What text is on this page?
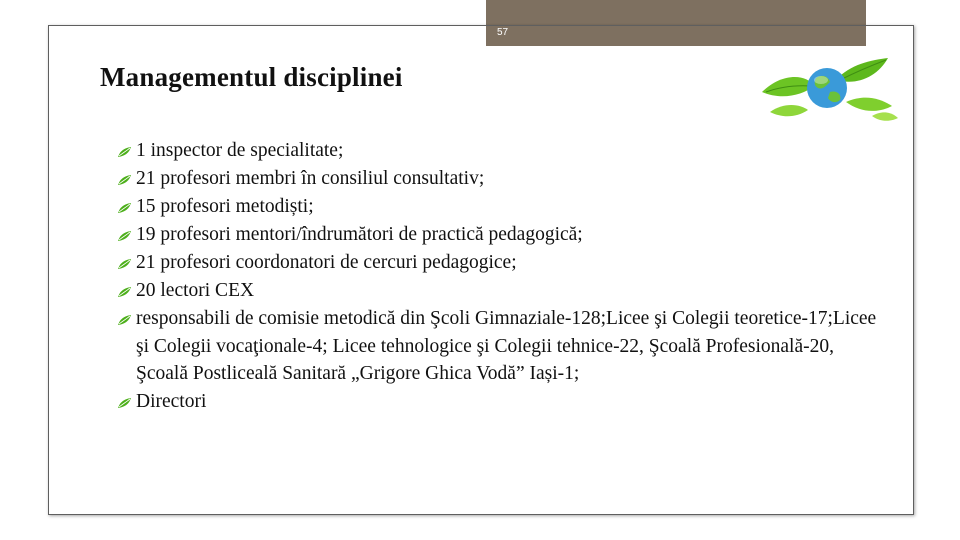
57
Managementul disciplinei
1 inspector de specialitate;
21 profesori membri în consiliul consultativ;
15 profesori metodiști;
19 profesori mentori/îndrumători de practică pedagogică;
21 profesori coordonatori de cercuri pedagogice;
20 lectori CEX
responsabili de comisie metodică din Şcoli Gimnaziale-128;Licee şi Colegii teoretice-17;Licee şi Colegii vocaţionale-4; Licee tehnologice şi Colegii tehnice-22, Şcoală Profesională-20, Şcoală Postliceală Sanitară „Grigore Ghica Vodă” Iași-1;
Directori
